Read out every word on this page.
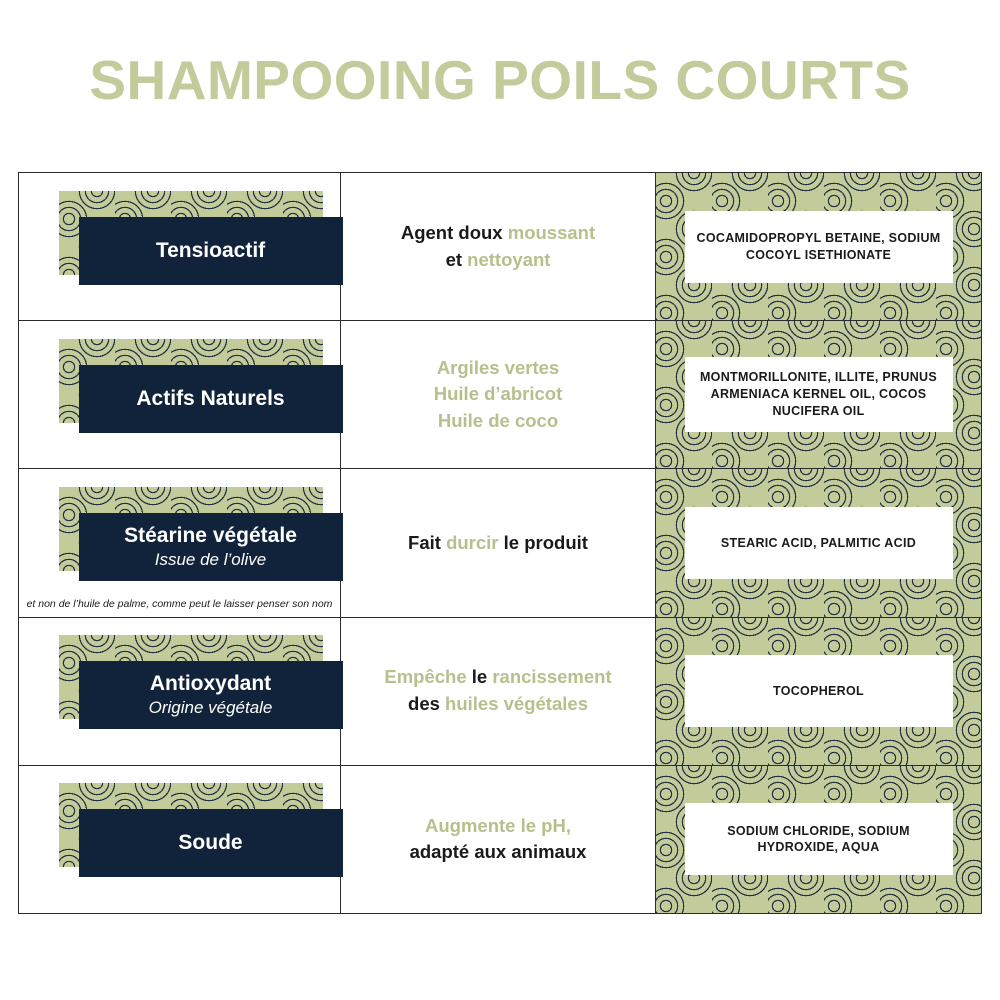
SHAMPOOING POILS COURTS
Tensioactif
Agent doux moussant
et nettoyant
COCAMIDOPROPYL BETAINE, SODIUM COCOYL ISETHIONATE
Actifs Naturels
Argiles vertes
Huile d’abricot
Huile de coco
MONTMORILLONITE, ILLITE, PRUNUS ARMENIACA KERNEL OIL, COCOS NUCIFERA OIL
Stéarine végétale
Issue de l’olive
et non de l’huile de palme, comme peut le laisser penser son nom
Fait durcir le produit	STEARIC ACID, PALMITIC ACID
Antioxydant
Origine végétale
Empêche le rancissement
des huiles végétales
TOCOPHEROL
Soude
Augmente le pH,
adapté aux animaux
SODIUM CHLORIDE, SODIUM HYDROXIDE, AQUA
